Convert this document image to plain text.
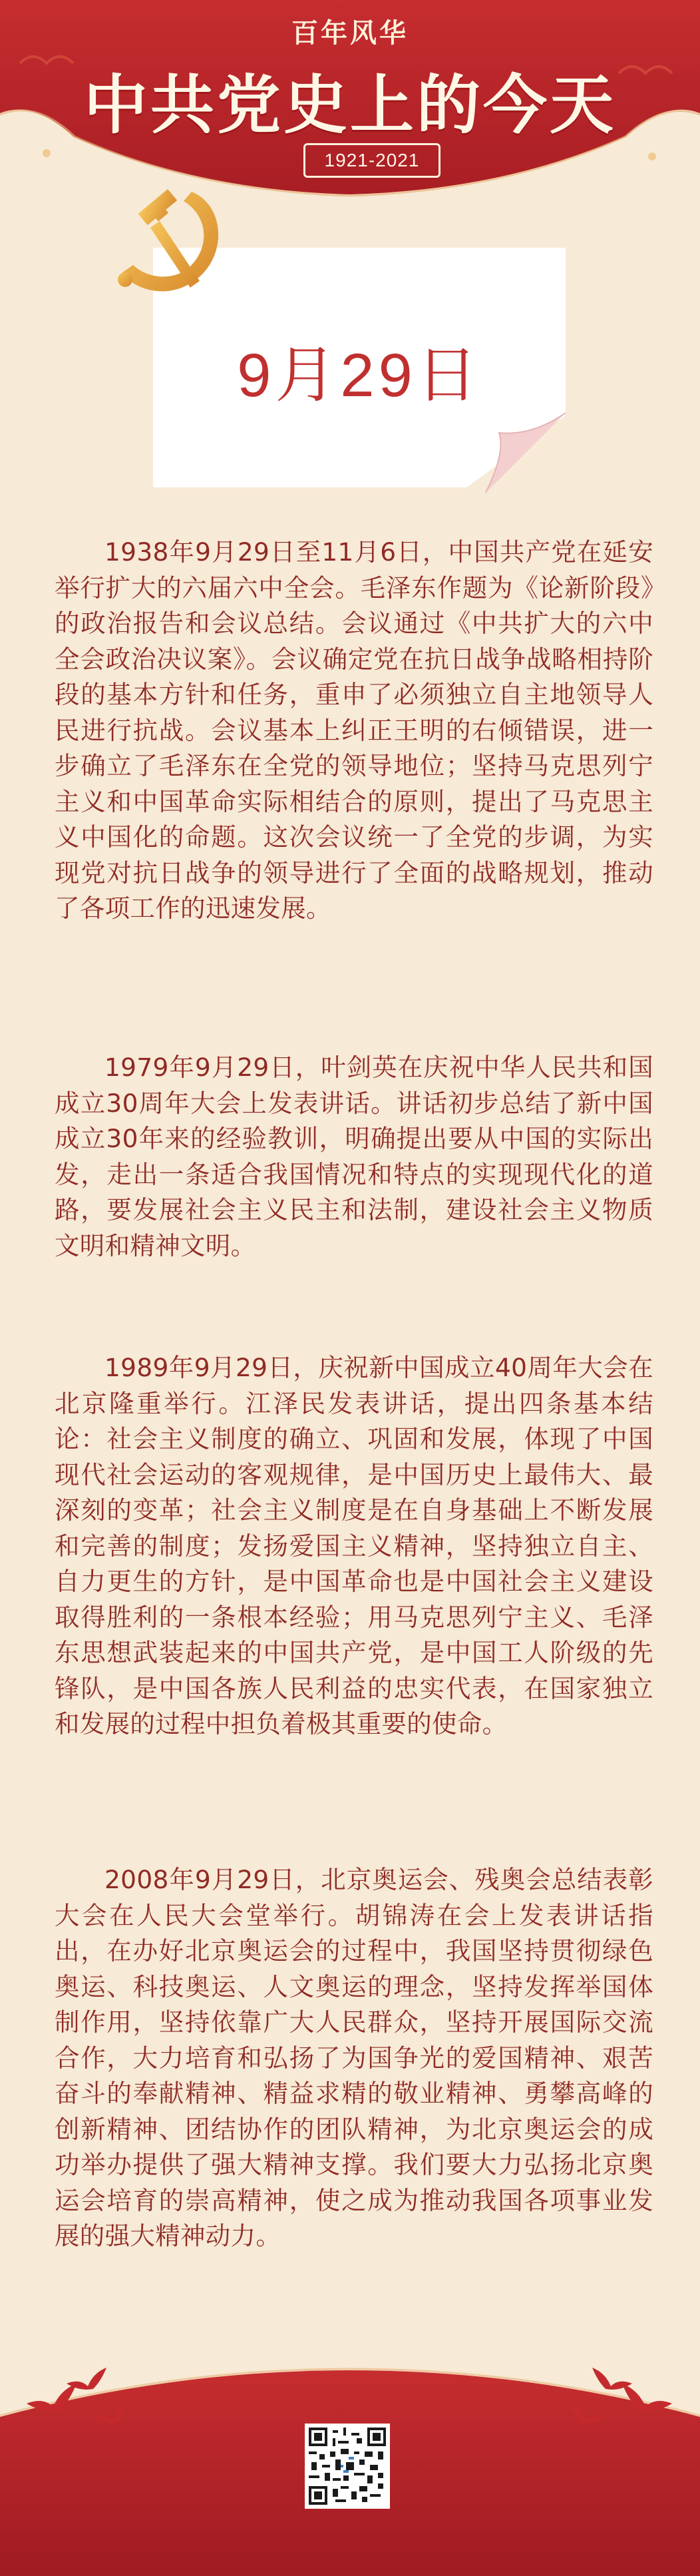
百年风华
中共党史上的今天
1921-2021
9月29日
1938年9月29日至11月6日，中国共产党在延安举行扩大的六届六中全会。毛泽东作题为《论新阶段》的政治报告和会议总结。会议通过《中共扩大的六中全会政治决议案》。会议确定党在抗日战争战略相持阶段的基本方针和任务，重申了必须独立自主地领导人民进行抗战。会议基本上纠正王明的右倾错误，进一步确立了毛泽东在全党的领导地位；坚持马克思列宁主义和中国革命实际相结合的原则，提出了马克思主义中国化的命题。这次会议统一了全党的步调，为实现党对抗日战争的领导进行了全面的战略规划，推动了各项工作的迅速发展。
1979年9月29日，叶剑英在庆祝中华人民共和国成立30周年大会上发表讲话。讲话初步总结了新中国成立30年来的经验教训，明确提出要从中国的实际出发，走出一条适合我国情况和特点的实现现代化的道路，要发展社会主义民主和法制，建设社会主义物质文明和精神文明。
1989年9月29日，庆祝新中国成立40周年大会在北京隆重举行。江泽民发表讲话，提出四条基本结论：社会主义制度的确立、巩固和发展，体现了中国现代社会运动的客观规律，是中国历史上最伟大、最深刻的变革；社会主义制度是在自身基础上不断发展和完善的制度；发扬爱国主义精神，坚持独立自主、自力更生的方针，是中国革命也是中国社会主义建设取得胜利的一条根本经验；用马克思列宁主义、毛泽东思想武装起来的中国共产党，是中国工人阶级的先锋队，是中国各族人民利益的忠实代表，在国家独立和发展的过程中担负着极其重要的使命。
2008年9月29日，北京奥运会、残奥会总结表彰大会在人民大会堂举行。胡锦涛在会上发表讲话指出，在办好北京奥运会的过程中，我国坚持贯彻绿色奥运、科技奥运、人文奥运的理念，坚持发挥举国体制作用，坚持依靠广大人民群众，坚持开展国际交流合作，大力培育和弘扬了为国争光的爱国精神、艰苦奋斗的奉献精神、精益求精的敬业精神、勇攀高峰的创新精神、团结协作的团队精神，为北京奥运会的成功举办提供了强大精神支撑。我们要大力弘扬北京奥运会培育的崇高精神，使之成为推动我国各项事业发展的强大精神动力。
